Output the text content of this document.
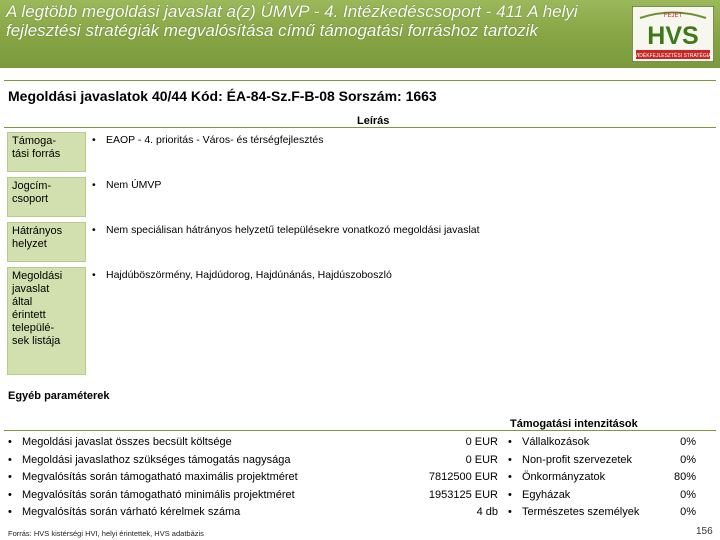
A legtöbb megoldási javaslat a(z) ÚMVP - 4. Intézkedéscsoport - 411 A helyi fejlesztési stratégiák megvalósítása című támogatási forráshoz tartozik
FEJET
HVS
VIDÉKFEJLESZTÉSI STRATÉGIA
Megoldási javaslatok 40/44 Kód: ÉA-84-Sz.F-B-08 Sorszám: 1663
Leírás
Támoga-
tási forrás
• EAOP - 4. prioritás - Város- és térségfejlesztés
Jogcím-
csoport
• Nem ÚMVP
Hátrányos
helyzet
• Nem speciálisan hátrányos helyzetű településekre vonatkozó megoldási javaslat
Megoldási
javaslat
által
érintett
települé-
sek listája
• Hajdúböszörmény, Hajdúdorog, Hajdúnánás, Hajdúszoboszló
Egyéb paraméterek
Támogatási intenzitások
• Megoldási javaslat összes becsült költsége	0 EUR
• Megoldási javaslathoz szükséges támogatás nagysága	0 EUR
• Megvalósítás során támogatható maximális projektméret	7812500 EUR
• Megvalósítás során támogatható minimális projektméret	1953125 EUR
• Megvalósítás során várható kérelmek száma	4 db
• Vállalkozások	0%
• Non-profit szervezetek	0%
• Önkormányzatok	80%
• Egyházak	0%
• Természetes személyek	0%
Forrás: HVS kistérségi HVI, helyi érintettek, HVS adatbázis	156
